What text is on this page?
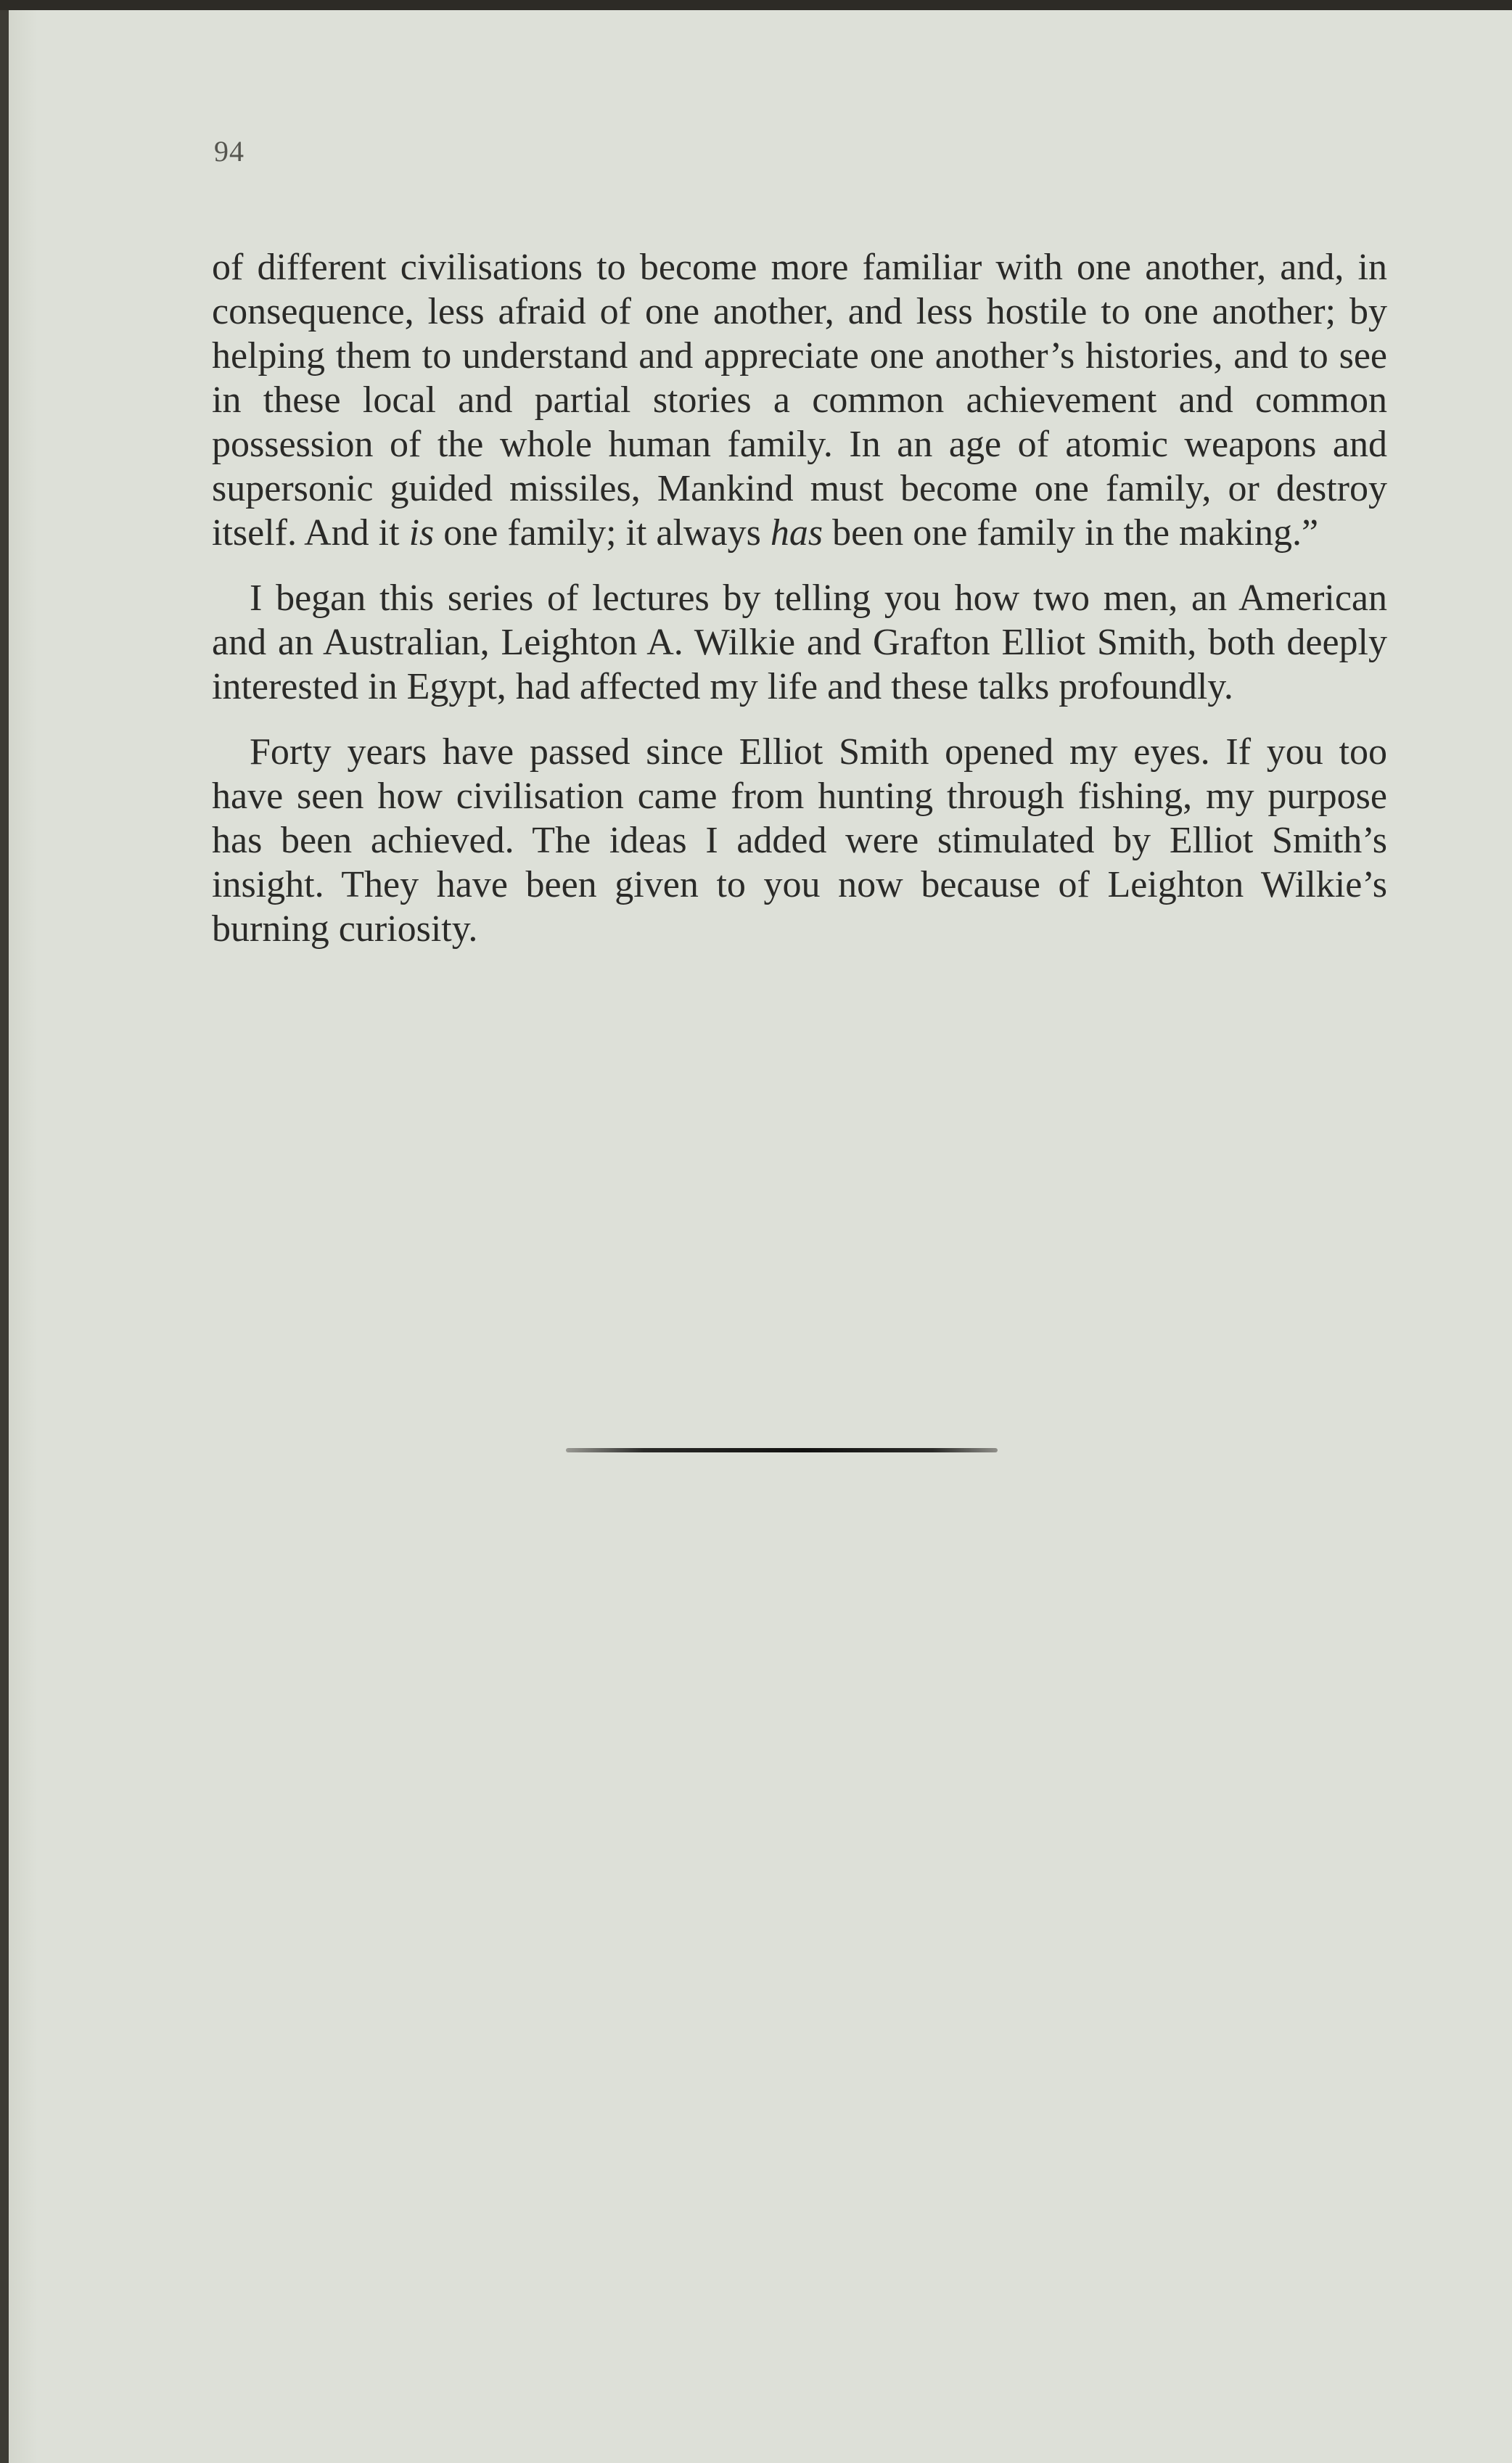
94

of different civilisations to become more familiar with one another, and, in consequence, less afraid of one another, and less hostile to one another; by helping them to understand and appreciate one another’s histories, and to see in these local and partial stories a common achievement and common possession of the whole human family. In an age of atomic weapons and supersonic guided missiles, Mankind must become one family, or destroy itself. And it is one family; it always has been one family in the making.”

I began this series of lectures by telling you how two men, an American and an Australian, Leighton A. Wilkie and Grafton Elliot Smith, both deeply interested in Egypt, had affected my life and these talks profoundly.

Forty years have passed since Elliot Smith opened my eyes. If you too have seen how civilisation came from hunting through fishing, my purpose has been achieved. The ideas I added were stimulated by Elliot Smith’s insight. They have been given to you now because of Leighton Wilkie’s burning curiosity.
